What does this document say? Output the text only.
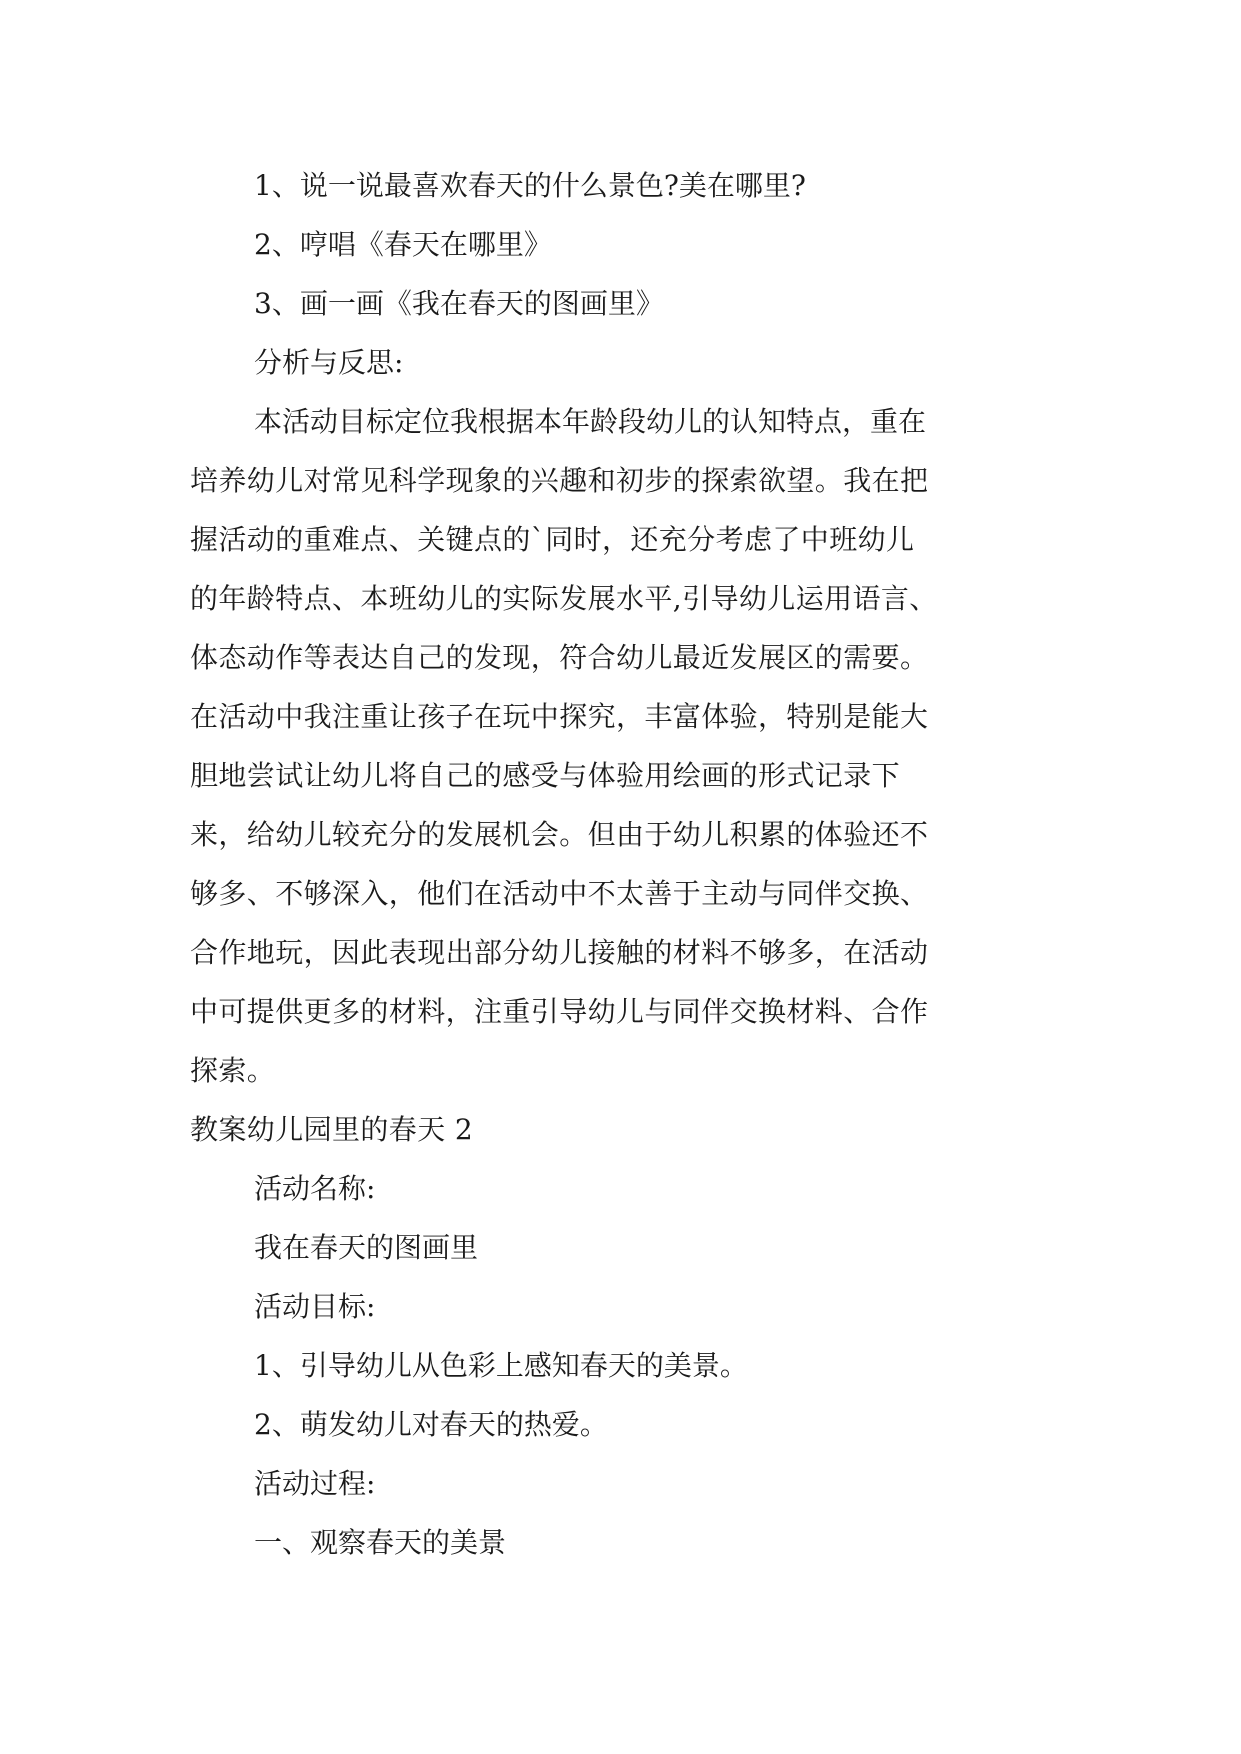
1、说一说最喜欢春天的什么景色?美在哪里?
2、哼唱《春天在哪里》
3、画一画《我在春天的图画里》
分析与反思:
本活动目标定位我根据本年龄段幼儿的认知特点，重在
培养幼儿对常见科学现象的兴趣和初步的探索欲望。我在把
握活动的重难点、关键点的`同时，还充分考虑了中班幼儿
的年龄特点、本班幼儿的实际发展水平,引导幼儿运用语言、
体态动作等表达自己的发现，符合幼儿最近发展区的需要。
在活动中我注重让孩子在玩中探究，丰富体验，特别是能大
胆地尝试让幼儿将自己的感受与体验用绘画的形式记录下
来，给幼儿较充分的发展机会。但由于幼儿积累的体验还不
够多、不够深入，他们在活动中不太善于主动与同伴交换、
合作地玩，因此表现出部分幼儿接触的材料不够多，在活动
中可提供更多的材料，注重引导幼儿与同伴交换材料、合作
探索。
教案幼儿园里的春天 2
活动名称:
我在春天的图画里
活动目标:
1、引导幼儿从色彩上感知春天的美景。
2、萌发幼儿对春天的热爱。
活动过程:
一、观察春天的美景
